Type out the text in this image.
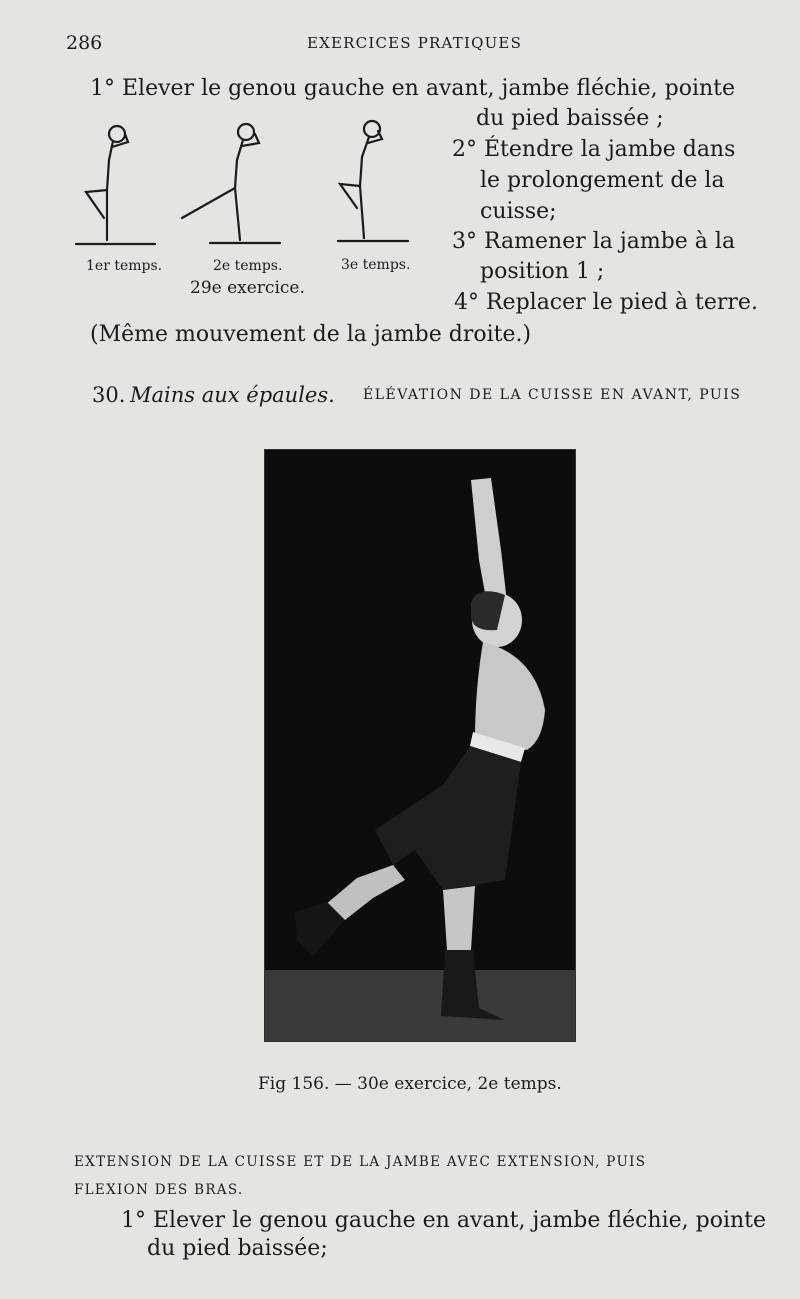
286	EXERCICES PRATIQUES
1° Elever le genou gauche en avant, jambe fléchie, pointe
du pied baissée ;
2° Étendre la jambe dans
le prolongement de la
cuisse;
3° Ramener la jambe à la
position 1 ;
4° Replacer le pied à terre.
(Même mouvement de la jambe droite.)
1er temps.	2e temps.	3e temps.
29e exercice.
30. Mains aux épaules. ÉLÉVATION DE LA CUISSE EN AVANT, PUIS
Fig 156. — 30e exercice, 2e temps.
EXTENSION DE LA CUISSE ET DE LA JAMBE AVEC EXTENSION, PUIS
FLEXION DES BRAS.
1° Elever le genou gauche en avant, jambe fléchie, pointe
du pied baissée;
